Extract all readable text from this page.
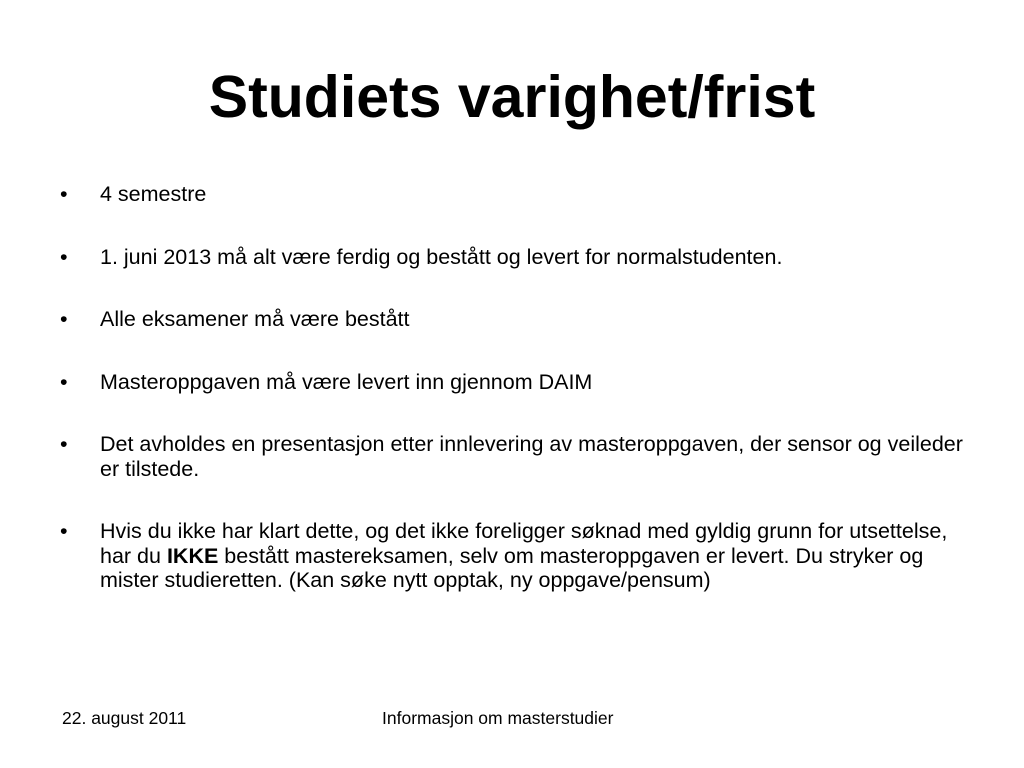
Studiets varighet/frist
• 4 semestre
• 1. juni 2013 må alt være ferdig og bestått og levert for normalstudenten.
• Alle eksamener må være bestått
• Masteroppgaven må være levert inn gjennom DAIM
• Det avholdes en presentasjon etter innlevering av masteroppgaven, der sensor og veileder er tilstede.
• Hvis du ikke har klart dette, og det ikke foreligger søknad med gyldig grunn for utsettelse, har du IKKE bestått mastereksamen, selv om masteroppgaven er levert. Du stryker og mister studieretten. (Kan søke nytt opptak, ny oppgave/pensum)
22. august 2011	Informasjon om masterstudier
